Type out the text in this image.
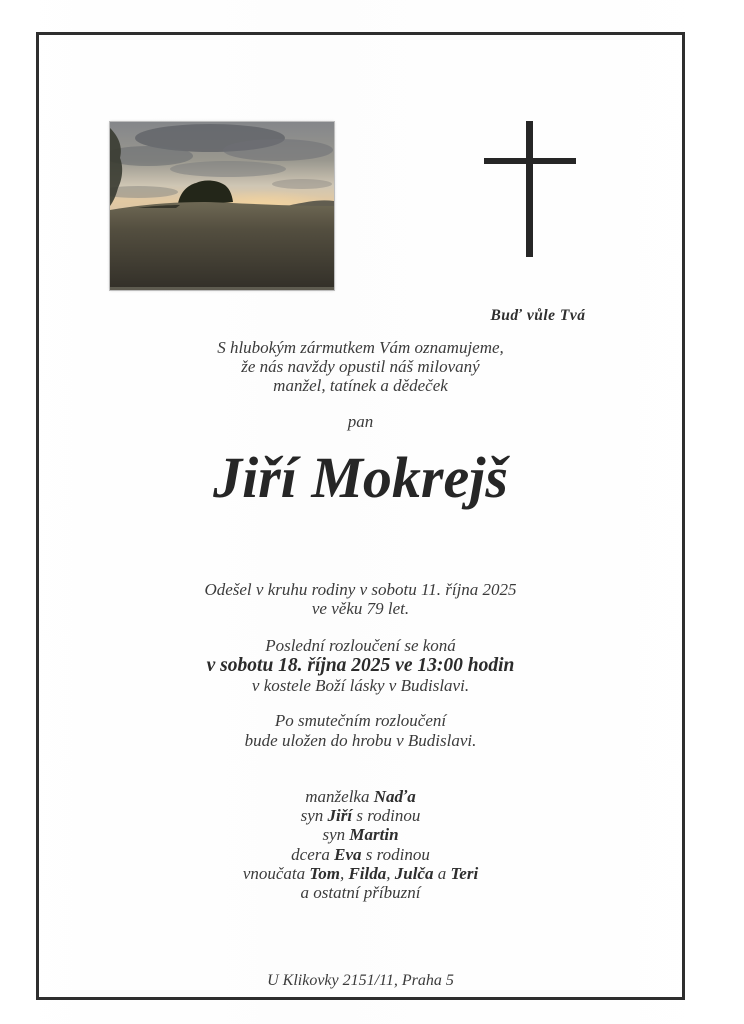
Buď vůle Tvá
S hlubokým zármutkem Vám oznamujeme,
že nás navždy opustil náš milovaný
manžel, tatínek a dědeček
pan
Jiří Mokrejš
Odešel v kruhu rodiny v sobotu 11. října 2025
ve věku 79 let.
Poslední rozloučení se koná
v sobotu 18. října 2025 ve 13:00 hodin
v kostele Boží lásky v Budislavi.
Po smutečním rozloučení
bude uložen do hrobu v Budislavi.
manželka Naďa
syn Jiří s rodinou
syn Martin
dcera Eva s rodinou
vnoučata Tom, Filda, Julča a Teri
a ostatní příbuzní
U Klikovky 2151/11, Praha 5
